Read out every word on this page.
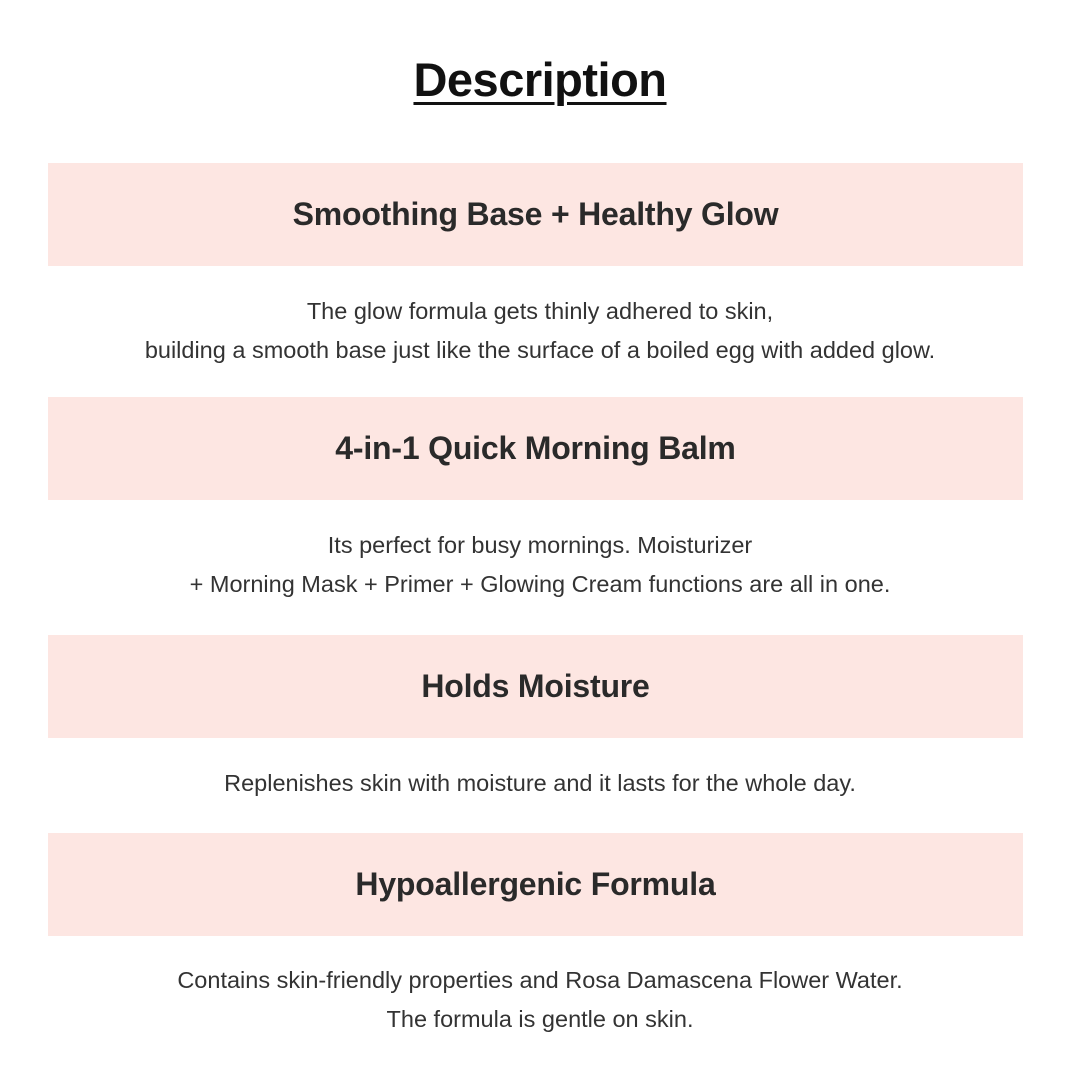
Description
Smoothing Base + Healthy Glow
The glow formula gets thinly adhered to skin,
building a smooth base just like the surface of a boiled egg with added glow.
4-in-1 Quick Morning Balm
Its perfect for busy mornings. Moisturizer
+ Morning Mask + Primer + Glowing Cream functions are all in one.
Holds Moisture
Replenishes skin with moisture and it lasts for the whole day.
Hypoallergenic Formula
Contains skin-friendly properties and Rosa Damascena Flower Water.
The formula is gentle on skin.
